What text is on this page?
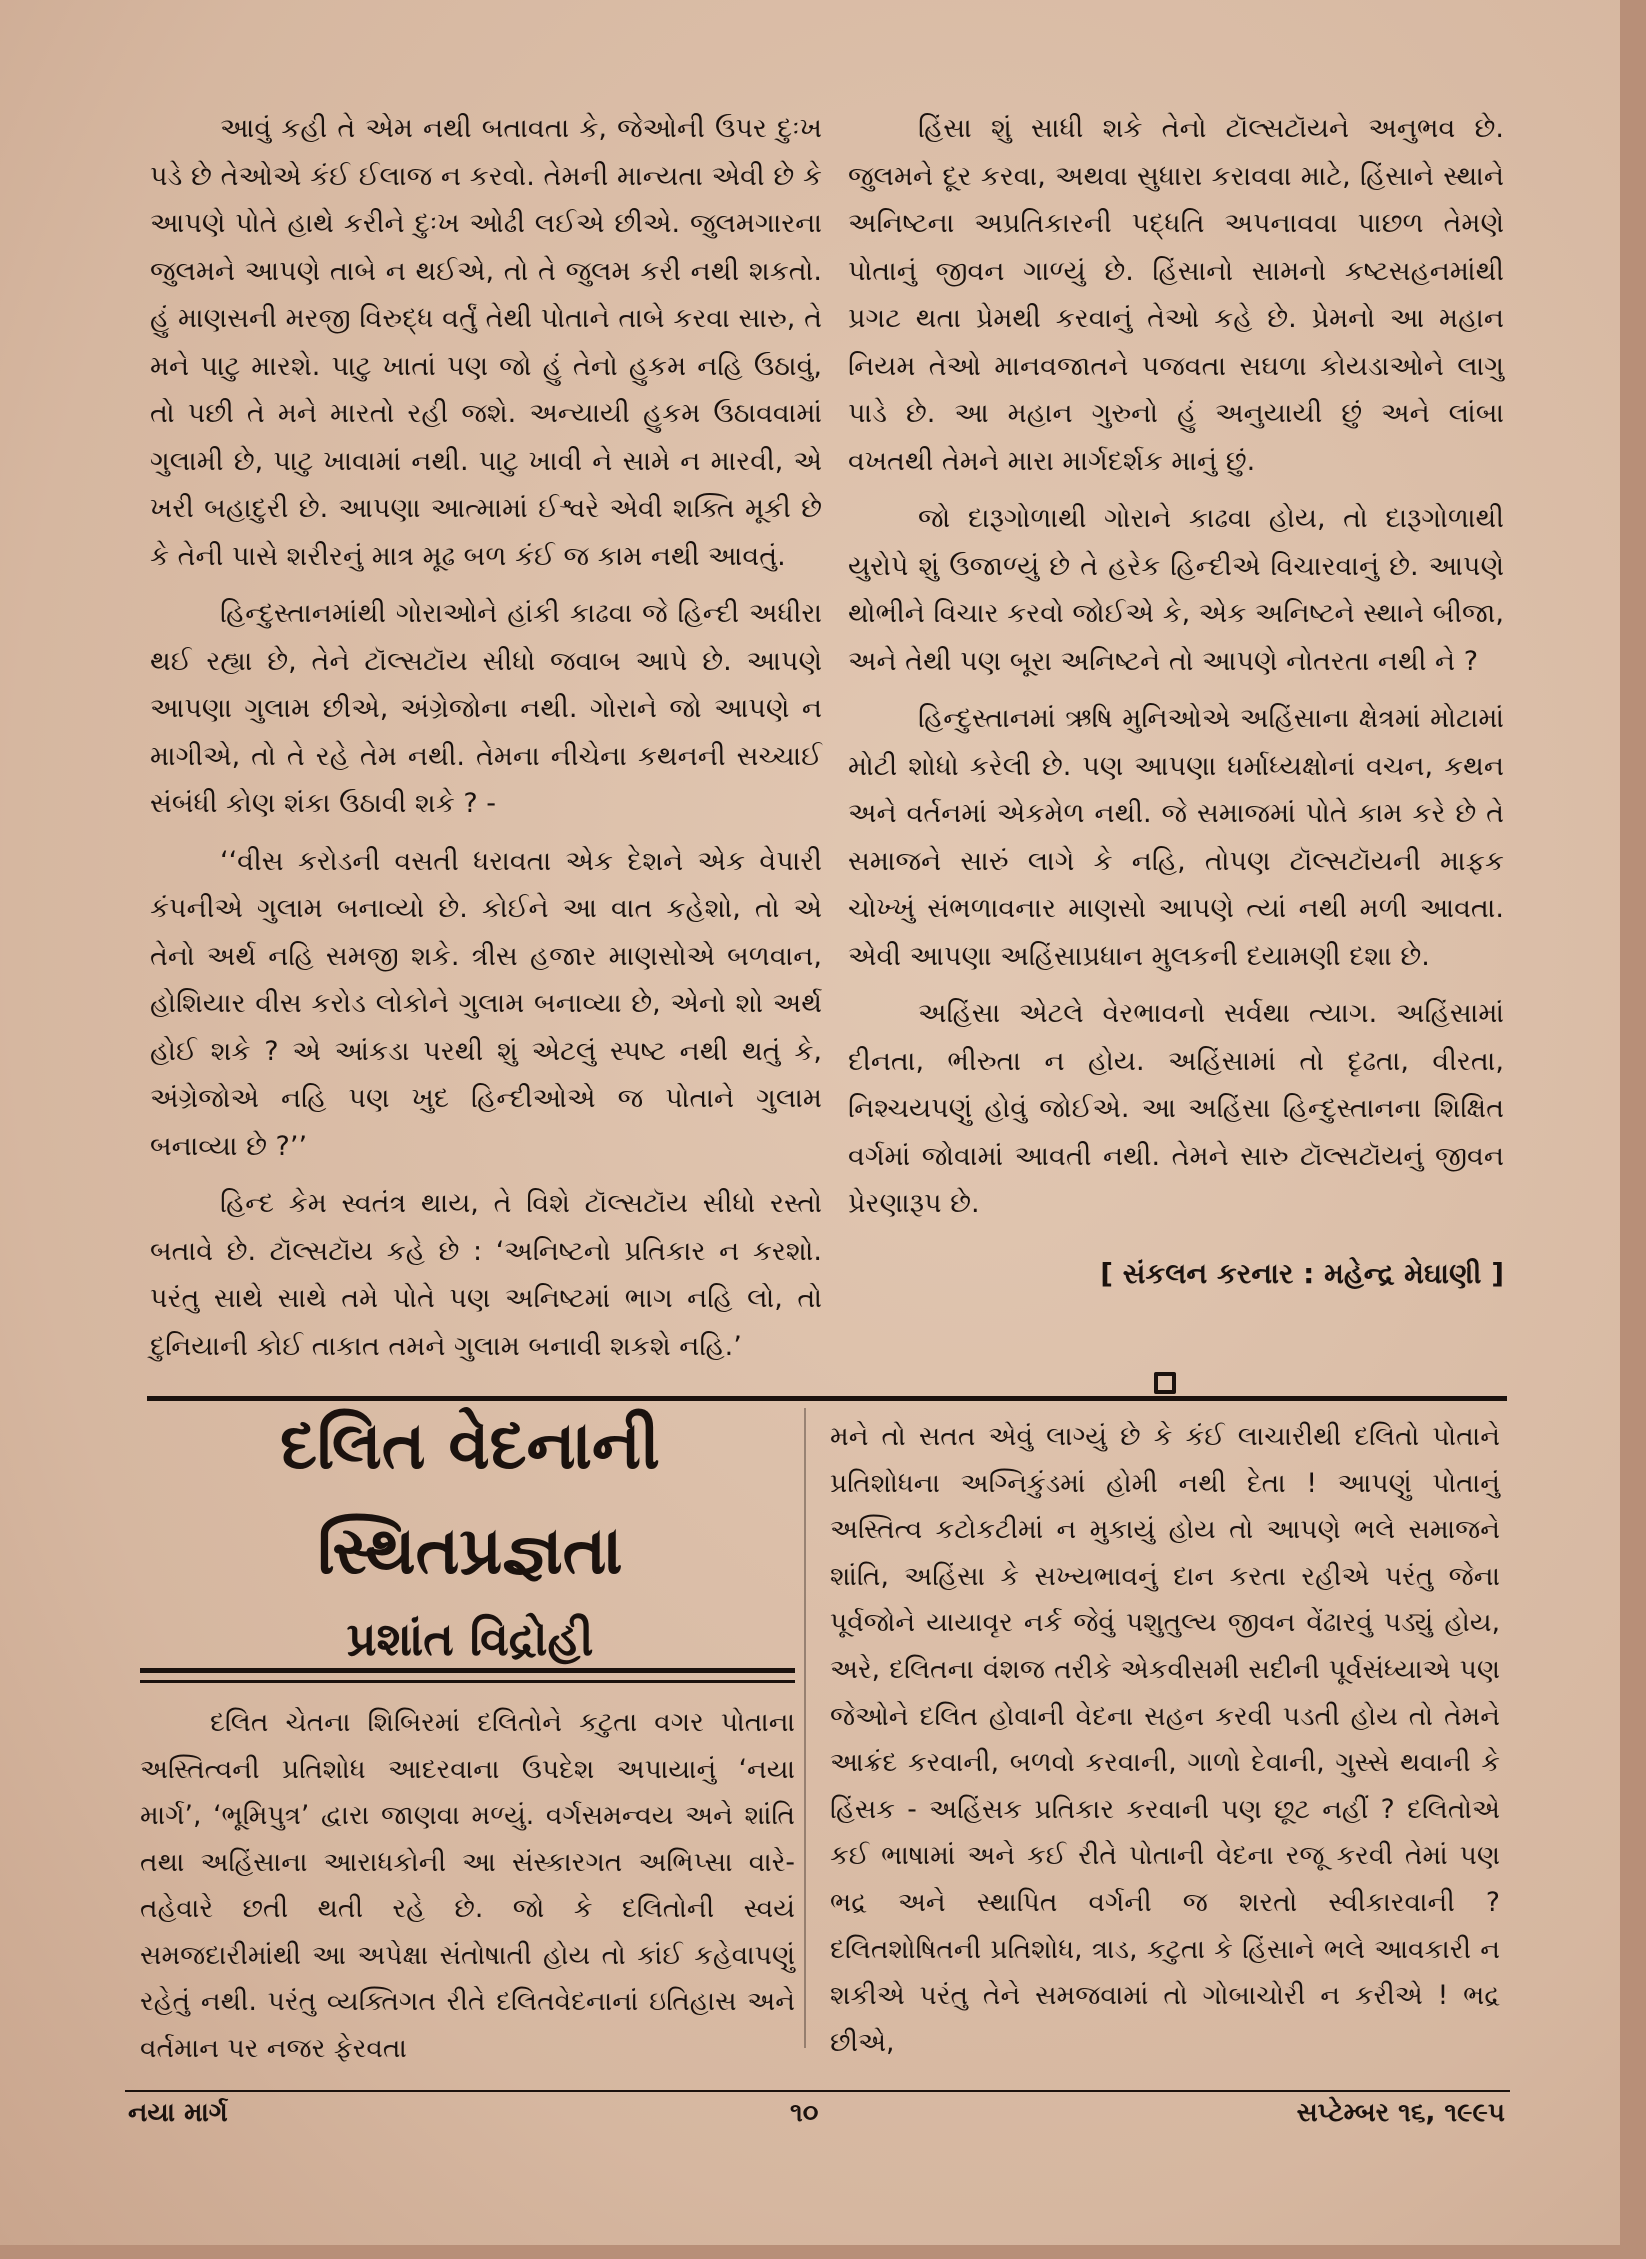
આવું કહી તે એમ નથી બતાવતા કે, જેઓની ઉપર દુઃખ પડે છે તેઓએ કંઈ ઈલાજ ન કરવો. તેમની માન્યતા એવી છે કે આપણે પોતે હાથે કરીને દુઃખ ઓઢી લઈએ છીએ. જુલમગારના જુલમને આપણે તાબે ન થઈએ, તો તે જુલમ કરી નથી શકતો. હું માણસની મરજી વિરુદ્ધ વર્તું તેથી પોતાને તાબે કરવા સારુ, તે મને પાટુ મારશે. પાટુ ખાતાં પણ જો હું તેનો હુકમ નહિ ઉઠાવું, તો પછી તે મને મારતો રહી જશે. અન્યાયી હુકમ ઉઠાવવામાં ગુલામી છે, પાટુ ખાવામાં નથી. પાટુ ખાવી ને સામે ન મારવી, એ ખરી બહાદુરી છે. આપણા આત્મામાં ઈશ્વરે એવી શક્તિ મૂકી છે કે તેની પાસે શરીરનું માત્ર મૂઢ બળ કંઈ જ કામ નથી આવતું.

હિન્દુસ્તાનમાંથી ગોરાઓને હાંકી કાઢવા જે હિન્દી અધીરા થઈ રહ્યા છે, તેને ટૉલ્સટૉય સીધો જવાબ આપે છે. આપણે આપણા ગુલામ છીએ, અંગ્રેજોના નથી. ગોરાને જો આપણે ન માગીએ, તો તે રહે તેમ નથી. તેમના નીચેના કથનની સચ્ચાઈ સંબંધી કોણ શંકા ઉઠાવી શકે ? -

‘‘વીસ કરોડની વસતી ધરાવતા એક દેશને એક વેપારી કંપનીએ ગુલામ બનાવ્યો છે. કોઈને આ વાત કહેશો, તો એ તેનો અર્થ નહિ સમજી શકે. ત્રીસ હજાર માણસોએ બળવાન, હોશિયાર વીસ કરોડ લોકોને ગુલામ બનાવ્યા છે, એનો શો અર્થ હોઈ શકે ? એ આંકડા પરથી શું એટલું સ્પષ્ટ નથી થતું કે, અંગ્રેજોએ નહિ પણ ખુદ હિન્દીઓએ જ પોતાને ગુલામ બનાવ્યા છે ?’’

હિન્દ કેમ સ્વતંત્ર થાય, તે વિશે ટૉલ્સટૉય સીધો રસ્તો બતાવે છે. ટૉલ્સટૉય કહે છે : ‘અનિષ્ટનો પ્રતિકાર ન કરશો. પરંતુ સાથે સાથે તમે પોતે પણ અનિષ્ટમાં ભાગ નહિ લો, તો દુનિયાની કોઈ તાકાત તમને ગુલામ બનાવી શકશે નહિ.’

હિંસા શું સાધી શકે તેનો ટૉલ્સટૉયને અનુભવ છે. જુલમને દૂર કરવા, અથવા સુધારા કરાવવા માટે, હિંસાને સ્થાને અનિષ્ટના અપ્રતિકારની પદ્ધતિ અપનાવવા પાછળ તેમણે પોતાનું જીવન ગાળ્યું છે. હિંસાનો સામનો કષ્ટસહનમાંથી પ્રગટ થતા પ્રેમથી કરવાનું તેઓ કહે છે. પ્રેમનો આ મહાન નિયમ તેઓ માનવજાતને પજવતા સઘળા કોયડાઓને લાગુ પાડે છે. આ મહાન ગુરુનો હું અનુયાયી છું અને લાંબા વખતથી તેમને મારા માર્ગદર્શક માનું છું.

જો દારૂગોળાથી ગોરાને કાઢવા હોય, તો દારૂગોળાથી યુરોપે શું ઉજાળ્યું છે તે હરેક હિન્દીએ વિચારવાનું છે. આપણે થોભીને વિચાર કરવો જોઈએ કે, એક અનિષ્ટને સ્થાને બીજા, અને તેથી પણ બૂરા અનિષ્ટને તો આપણે નોતરતા નથી ને ?

હિન્દુસ્તાનમાં ઋષિ મુનિઓએ અહિંસાના ક્ષેત્રમાં મોટામાં મોટી શોધો કરેલી છે. પણ આપણા ધર્માધ્યક્ષોનાં વચન, કથન અને વર્તનમાં એકમેળ નથી. જે સમાજમાં પોતે કામ કરે છે તે સમાજને સારું લાગે કે નહિ, તોપણ ટૉલ્સટૉયની માફક ચોખ્ખું સંભળાવનાર માણસો આપણે ત્યાં નથી મળી આવતા. એવી આપણા અહિંસાપ્રધાન મુલકની દયામણી દશા છે.

અહિંસા એટલે વેરભાવનો સર્વથા ત્યાગ. અહિંસામાં દીનતા, ભીરુતા ન હોય. અહિંસામાં તો દૃઢતા, વીરતા, નિશ્ચયપણું હોવું જોઈએ. આ અહિંસા હિન્દુસ્તાનના શિક્ષિત વર્ગમાં જોવામાં આવતી નથી. તેમને સારુ ટૉલ્સટૉયનું જીવન પ્રેરણારૂપ છે.

[ સંકલન કરનાર : મહેન્દ્ર મેઘાણી ]
દલિત વેદનાની
સ્થિતપ્રજ્ઞતા
પ્રશાંત વિદ્રોહી

દલિત ચેતના શિબિરમાં દલિતોને કટુતા વગર પોતાના અસ્તિત્વની પ્રતિશોધ આદરવાના ઉપદેશ અપાયાનું ‘નયા માર્ગ’, ‘ભૂમિપુત્ર’ દ્વારા જાણવા મળ્યું. વર્ગસમન્વય અને શાંતિ તથા અહિંસાના આરાધકોની આ સંસ્કારગત અભિપ્સા વારે-તહેવારે છતી થતી રહે છે. જો કે દલિતોની સ્વયં સમજદારીમાંથી આ અપેક્ષા સંતોષાતી હોય તો કાંઈ કહેવાપણું રહેતું નથી. પરંતુ વ્યક્તિગત રીતે દલિતવેદનાનાં ઇતિહાસ અને વર્તમાન પર નજર ફેરવતા

મને તો સતત એવું લાગ્યું છે કે કંઈ લાચારીથી દલિતો પોતાને પ્રતિશોધના અગ્નિકુંડમાં હોમી નથી દેતા ! આપણું પોતાનું અસ્તિત્વ કટોકટીમાં ન મુકાયું હોય તો આપણે ભલે સમાજને શાંતિ, અહિંસા કે સખ્યભાવનું દાન કરતા રહીએ પરંતુ જેના પૂર્વજોને યાયાવૃર નર્ક જેવું પશુતુલ્ય જીવન વેંઢારવું પડ્યું હોય, અરે, દલિતના વંશજ તરીકે એકવીસમી સદીની પૂર્વસંધ્યાએ પણ જેઓને દલિત હોવાની વેદના સહન કરવી પડતી હોય તો તેમને આક્રંદ કરવાની, બળવો કરવાની, ગાળો દેવાની, ગુસ્સે થવાની કે હિંસક - અહિંસક પ્રતિકાર કરવાની પણ છૂટ નહીં ? દલિતોએ કઈ ભાષામાં અને કઈ રીતે પોતાની વેદના રજૂ કરવી તેમાં પણ ભદ્ર અને સ્થાપિત વર્ગની જ શરતો સ્વીકારવાની ? દલિતશોષિતની પ્રતિશોધ, ત્રાડ, કટુતા કે હિંસાને ભલે આવકારી ન શકીએ પરંતુ તેને સમજવામાં તો ગોબાચોરી ન કરીએ ! ભદ્ર છીએ,

નયા માર્ગ	૧૦	સપ્ટેમ્બર ૧૬, ૧૯૯૫
